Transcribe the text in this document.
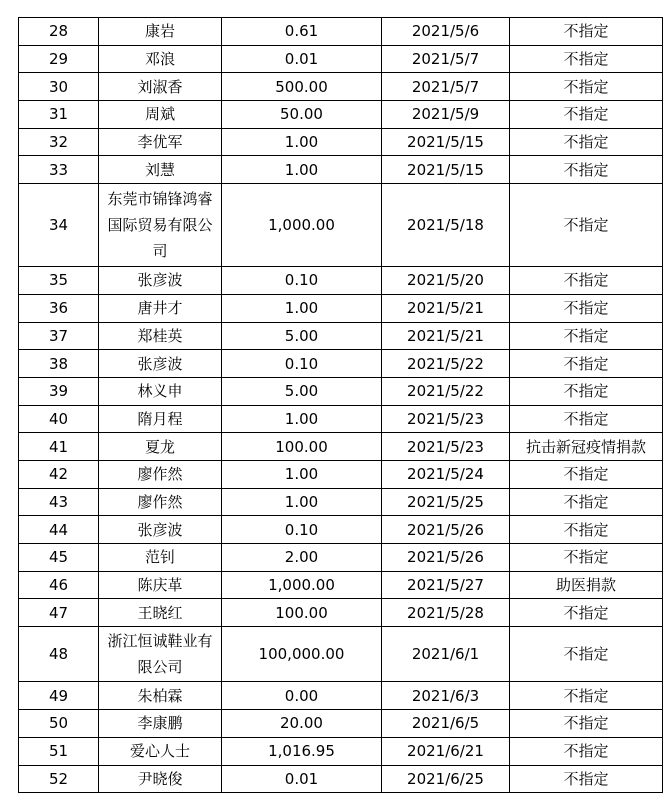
28	康岩	0.61	2021/5/6	不指定
29	邓浪	0.01	2021/5/7	不指定
30	刘淑香	500.00	2021/5/7	不指定
31	周斌	50.00	2021/5/9	不指定
32	李优军	1.00	2021/5/15	不指定
33	刘慧	1.00	2021/5/15	不指定
34	东莞市锦锋鸿睿国际贸易有限公司	1,000.00	2021/5/18	不指定
35	张彦波	0.10	2021/5/20	不指定
36	唐井才	1.00	2021/5/21	不指定
37	郑桂英	5.00	2021/5/21	不指定
38	张彦波	0.10	2021/5/22	不指定
39	林义申	5.00	2021/5/22	不指定
40	隋月程	1.00	2021/5/23	不指定
41	夏龙	100.00	2021/5/23	抗击新冠疫情捐款
42	廖作然	1.00	2021/5/24	不指定
43	廖作然	1.00	2021/5/25	不指定
44	张彦波	0.10	2021/5/26	不指定
45	范钊	2.00	2021/5/26	不指定
46	陈庆革	1,000.00	2021/5/27	助医捐款
47	王晓红	100.00	2021/5/28	不指定
48	浙江恒诚鞋业有限公司	100,000.00	2021/6/1	不指定
49	朱柏霖	0.00	2021/6/3	不指定
50	李康鹏	20.00	2021/6/5	不指定
51	爱心人士	1,016.95	2021/6/21	不指定
52	尹晓俊	0.01	2021/6/25	不指定
